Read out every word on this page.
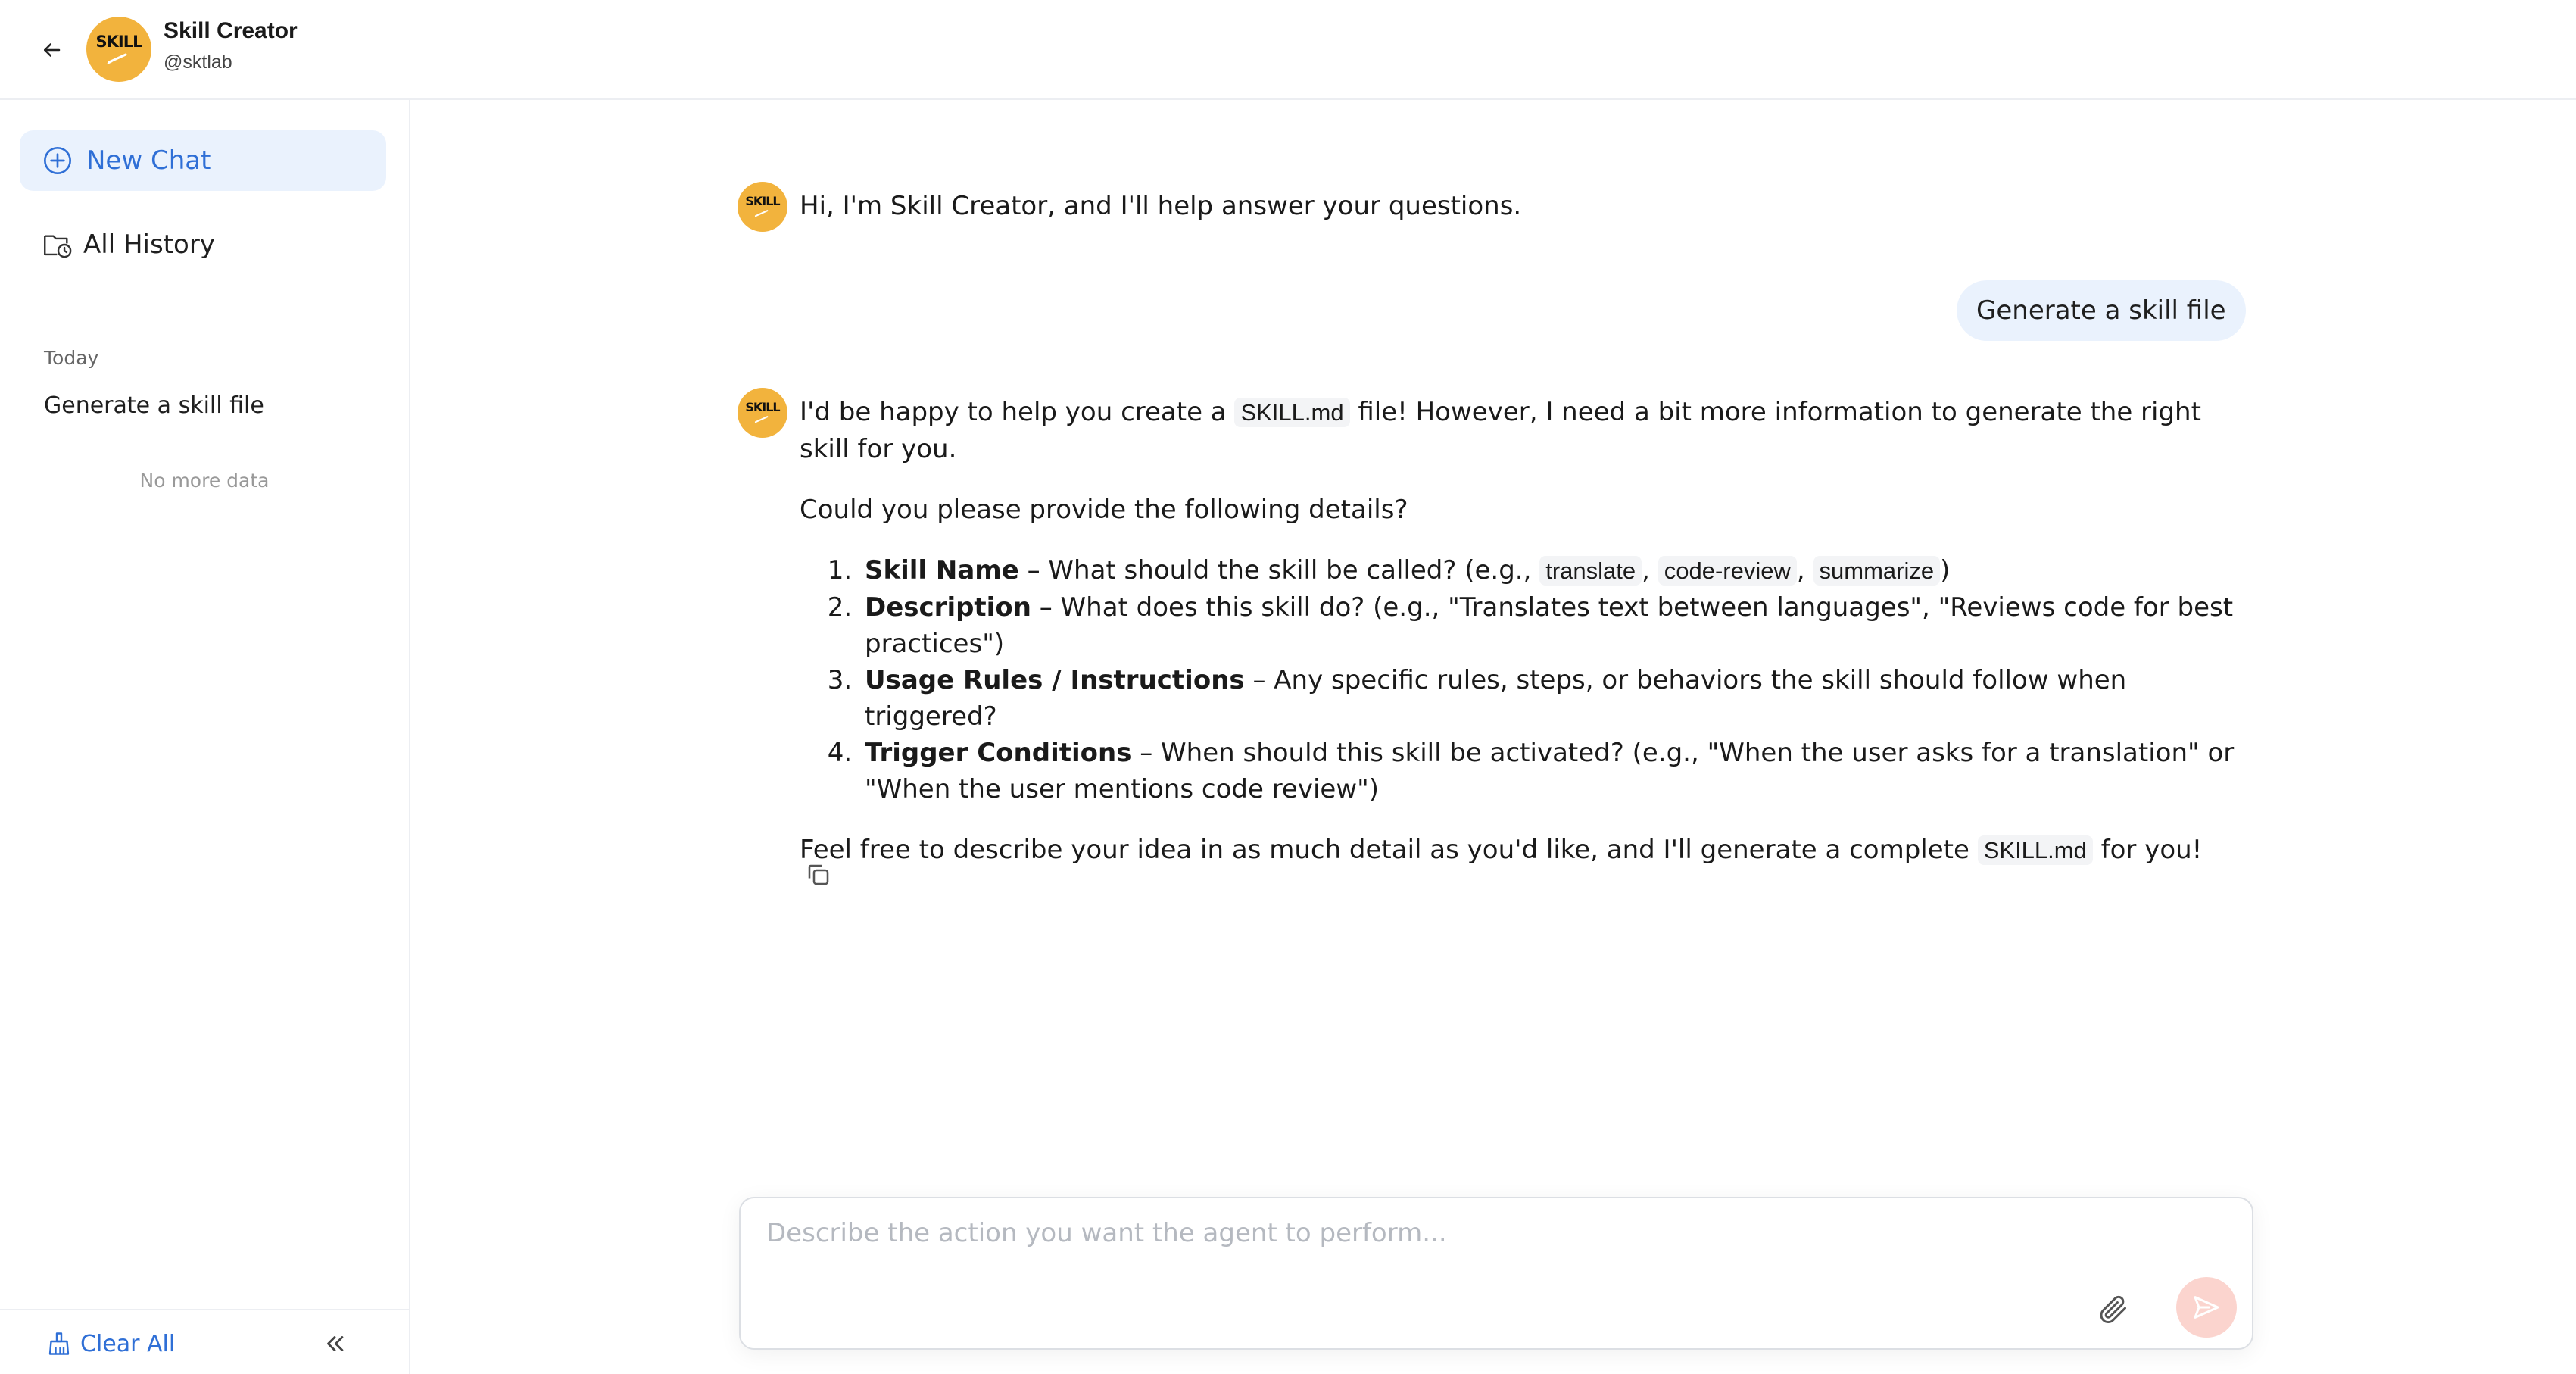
SKILL Skill Creator
@sktlab
New Chat
All History
Today
Generate a skill file
No more data
Clear All
SKILL Hi, I'm Skill Creator, and I'll help answer your questions.
Generate a skill file
SKILL I'd be happy to help you create a SKILL.md file! However, I need a bit more information to generate the right skill for you.

Could you please provide the following details?

1. Skill Name – What should the skill be called? (e.g., translate , code-review , summarize )
2. Description – What does this skill do? (e.g., "Translates text between languages", "Reviews code for best practices")
3. Usage Rules / Instructions – Any specific rules, steps, or behaviors the skill should follow when triggered?
4. Trigger Conditions – When should this skill be activated? (e.g., "When the user asks for a translation" or "When the user mentions code review")

Feel free to describe your idea in as much detail as you'd like, and I'll generate a complete SKILL.md for you!

Describe the action you want the agent to perform...
